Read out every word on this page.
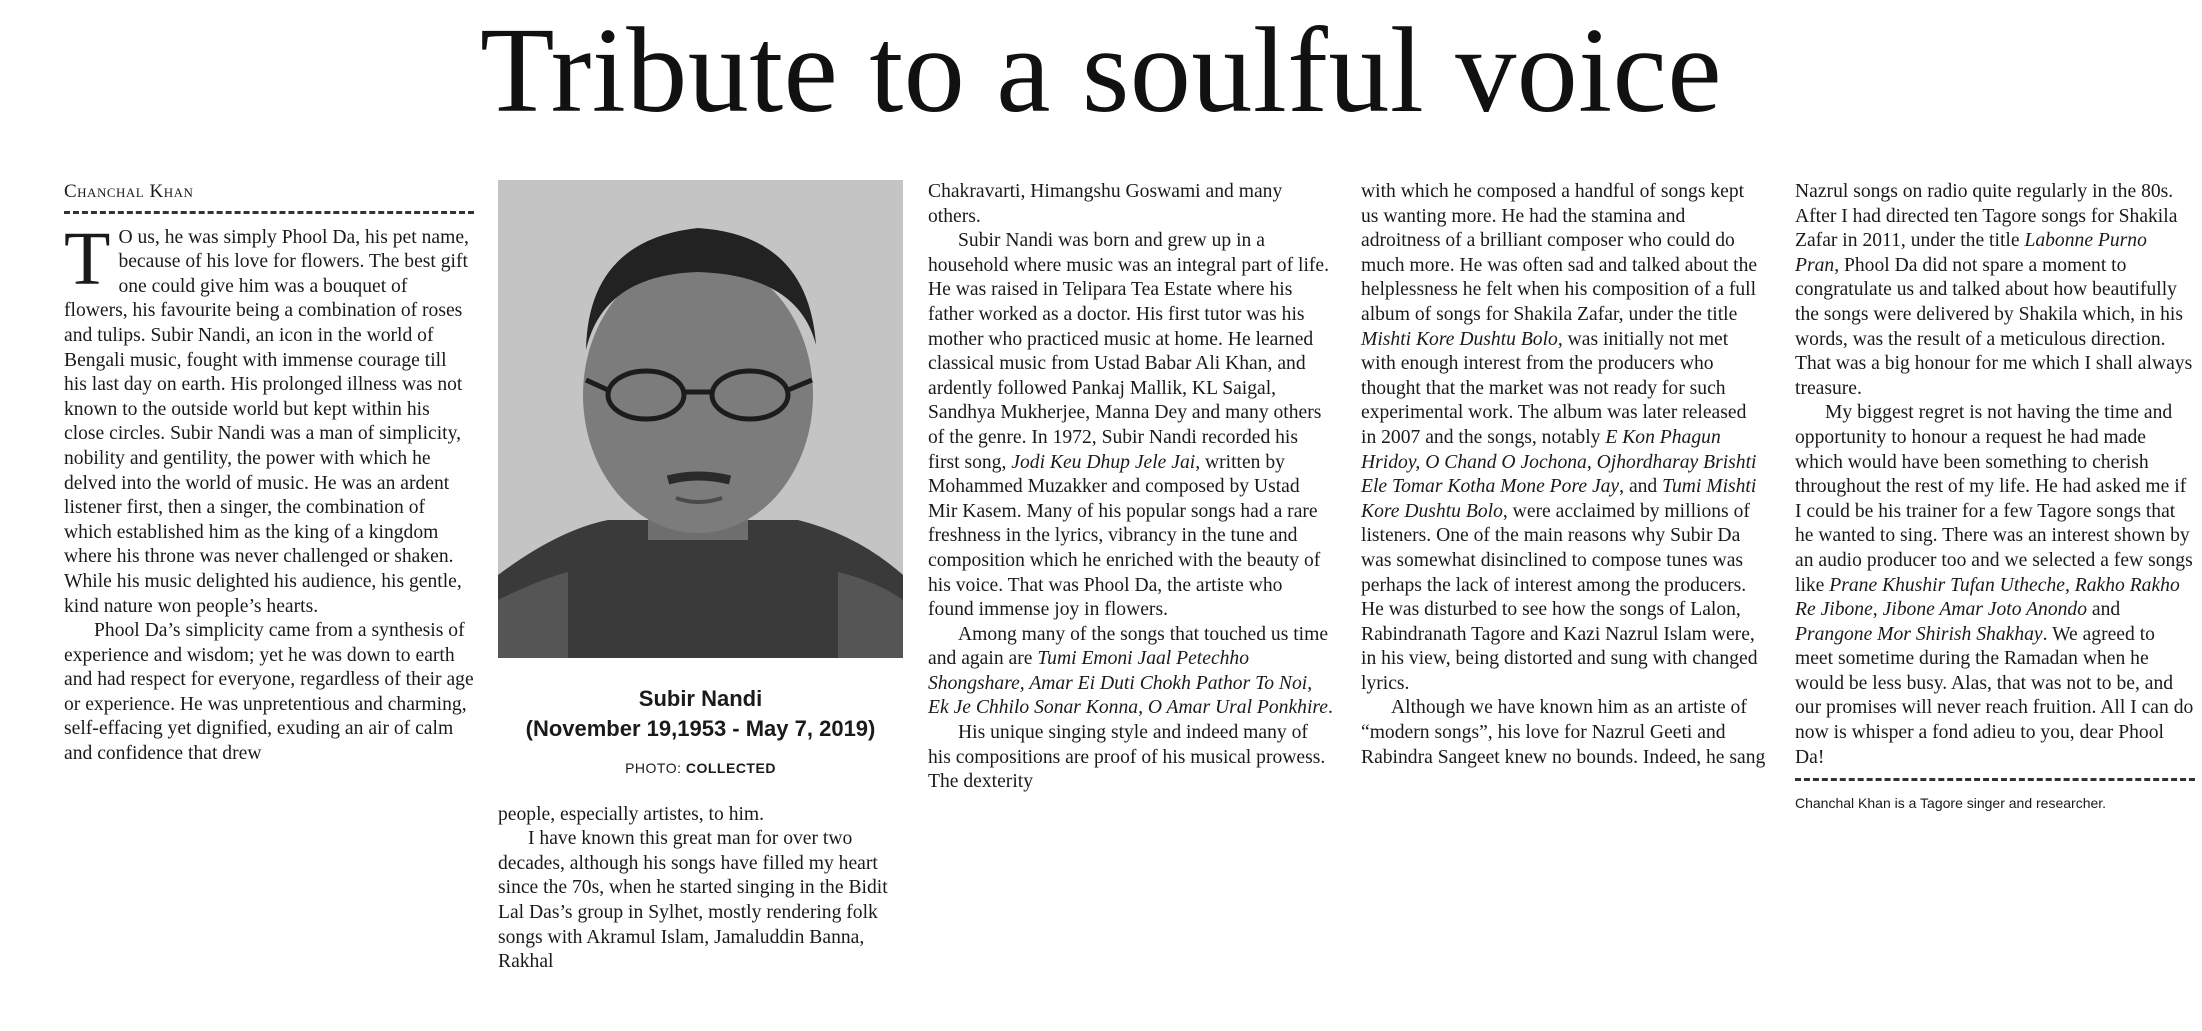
Tribute to a soulful voice
Chanchal Khan

T O us, he was simply Phool Da, his pet name, because of his love for flowers. The best gift one could give him was a bouquet of flowers, his favourite being a combination of roses and tulips. Subir Nandi, an icon in the world of Bengali music, fought with immense courage till his last day on earth. His prolonged illness was not known to the outside world but kept within his close circles. Subir Nandi was a man of simplicity, nobility and gentility, the power with which he delved into the world of music. He was an ardent listener first, then a singer, the combination of which established him as the king of a kingdom where his throne was never challenged or shaken. While his music delighted his audience, his gentle, kind nature won people’s hearts.

Phool Da’s simplicity came from a synthesis of experience and wisdom; yet he was down to earth and had respect for everyone, regardless of their age or experience. He was unpretentious and charming, self-effacing yet dignified, exuding an air of calm and confidence that drew

Subir Nandi
(November 19,1953 - May 7, 2019)
PHOTO: COLLECTED

people, especially artistes, to him.

I have known this great man for over two decades, although his songs have filled my heart since the 70s, when he started singing in the Bidit Lal Das’s group in Sylhet, mostly rendering folk songs with Akramul Islam, Jamaluddin Banna, Rakhal

Chakravarti, Himangshu Goswami and many others.

Subir Nandi was born and grew up in a household where music was an integral part of life. He was raised in Telipara Tea Estate where his father worked as a doctor. His first tutor was his mother who practiced music at home. He learned classical music from Ustad Babar Ali Khan, and ardently followed Pankaj Mallik, KL Saigal, Sandhya Mukherjee, Manna Dey and many others of the genre. In 1972, Subir Nandi recorded his first song, Jodi Keu Dhup Jele Jai, written by Mohammed Muzakker and composed by Ustad Mir Kasem. Many of his popular songs had a rare freshness in the lyrics, vibrancy in the tune and composition which he enriched with the beauty of his voice. That was Phool Da, the artiste who found immense joy in flowers.

Among many of the songs that touched us time and again are Tumi Emoni Jaal Petechho Shongshare, Amar Ei Duti Chokh Pathor To Noi, Ek Je Chhilo Sonar Konna, O Amar Ural Ponkhire.

His unique singing style and indeed many of his compositions are proof of his musical prowess. The dexterity

with which he composed a handful of songs kept us wanting more. He had the stamina and adroitness of a brilliant composer who could do much more. He was often sad and talked about the helplessness he felt when his composition of a full album of songs for Shakila Zafar, under the title Mishti Kore Dushtu Bolo, was initially not met with enough interest from the producers who thought that the market was not ready for such experimental work. The album was later released in 2007 and the songs, notably E Kon Phagun Hridoy, O Chand O Jochona, Ojhordharay Brishti Ele Tomar Kotha Mone Pore Jay, and Tumi Mishti Kore Dushtu Bolo, were acclaimed by millions of listeners. One of the main reasons why Subir Da was somewhat disinclined to compose tunes was perhaps the lack of interest among the producers. He was disturbed to see how the songs of Lalon, Rabindranath Tagore and Kazi Nazrul Islam were, in his view, being distorted and sung with changed lyrics.

Although we have known him as an artiste of “modern songs”, his love for Nazrul Geeti and Rabindra Sangeet knew no bounds. Indeed, he sang

Nazrul songs on radio quite regularly in the 80s. After I had directed ten Tagore songs for Shakila Zafar in 2011, under the title Labonne Purno Pran, Phool Da did not spare a moment to congratulate us and talked about how beautifully the songs were delivered by Shakila which, in his words, was the result of a meticulous direction. That was a big honour for me which I shall always treasure.

My biggest regret is not having the time and opportunity to honour a request he had made which would have been something to cherish throughout the rest of my life. He had asked me if I could be his trainer for a few Tagore songs that he wanted to sing. There was an interest shown by an audio producer too and we selected a few songs like Prane Khushir Tufan Utheche, Rakho Rakho Re Jibone, Jibone Amar Joto Anondo and Prangone Mor Shirish Shakhay. We agreed to meet sometime during the Ramadan when he would be less busy. Alas, that was not to be, and our promises will never reach fruition. All I can do now is whisper a fond adieu to you, dear Phool Da!

Chanchal Khan is a Tagore singer and researcher.
